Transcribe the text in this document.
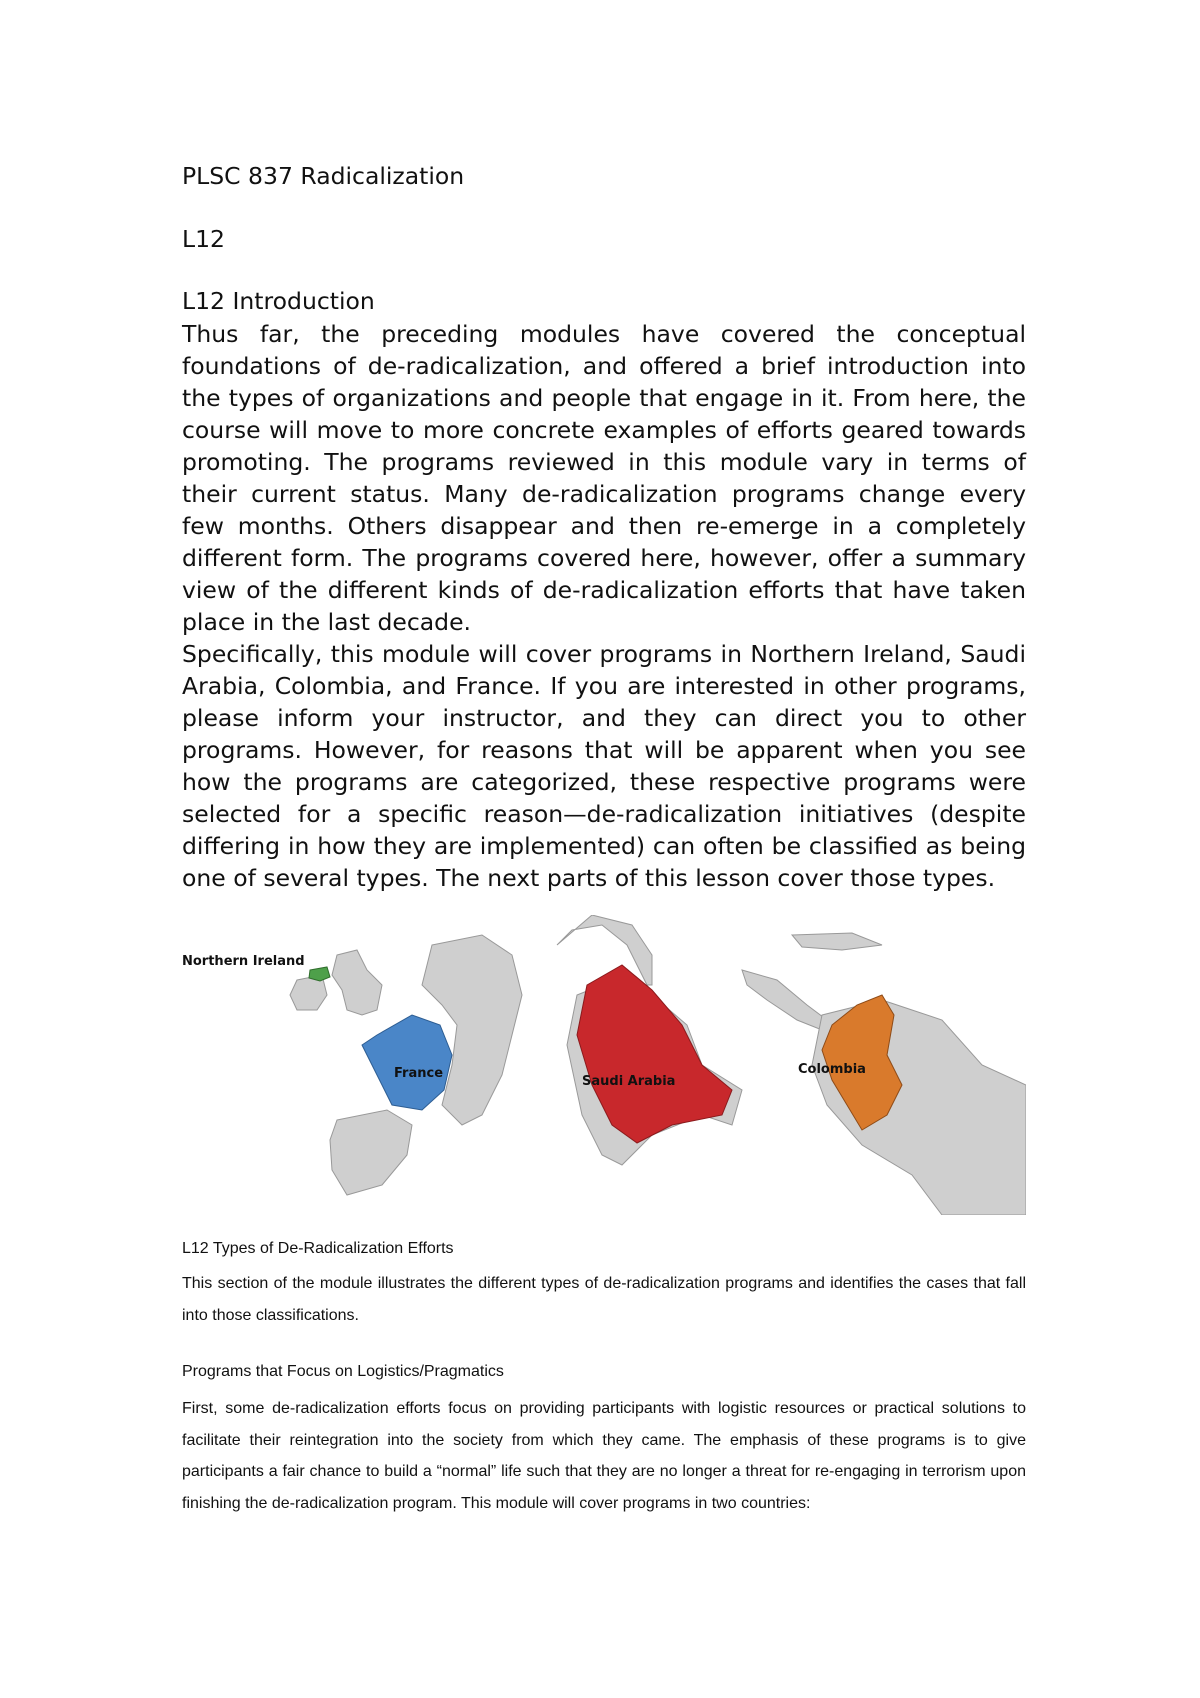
PLSC 837 Radicalization
L12
L12 Introduction
Thus far, the preceding modules have covered the conceptual foundations of de-radicalization, and offered a brief introduction into the types of organizations and people that engage in it. From here, the course will move to more concrete examples of efforts geared towards promoting. The programs reviewed in this module vary in terms of their current status. Many de-radicalization programs change every few months. Others disappear and then re-emerge in a completely different form. The programs covered here, however, offer a summary view of the different kinds of de-radicalization efforts that have taken place in the last decade.
Specifically, this module will cover programs in Northern Ireland, Saudi Arabia, Colombia, and France. If you are interested in other programs, please inform your instructor, and they can direct you to other programs. However, for reasons that will be apparent when you see how the programs are categorized, these respective programs were selected for a specific reason—de-radicalization initiatives (despite differing in how they are implemented) can often be classified as being one of several types. The next parts of this lesson cover those types.
Northern Ireland
France
Saudi Arabia
Colombia
L12 Types of De-Radicalization Efforts
This section of the module illustrates the different types of de-radicalization programs and identifies the cases that fall into those classifications.
Programs that Focus on Logistics/Pragmatics
First, some de-radicalization efforts focus on providing participants with logistic resources or practical solutions to facilitate their reintegration into the society from which they came. The emphasis of these programs is to give participants a fair chance to build a “normal” life such that they are no longer a threat for re-engaging in terrorism upon finishing the de-radicalization program. This module will cover programs in two countries:
